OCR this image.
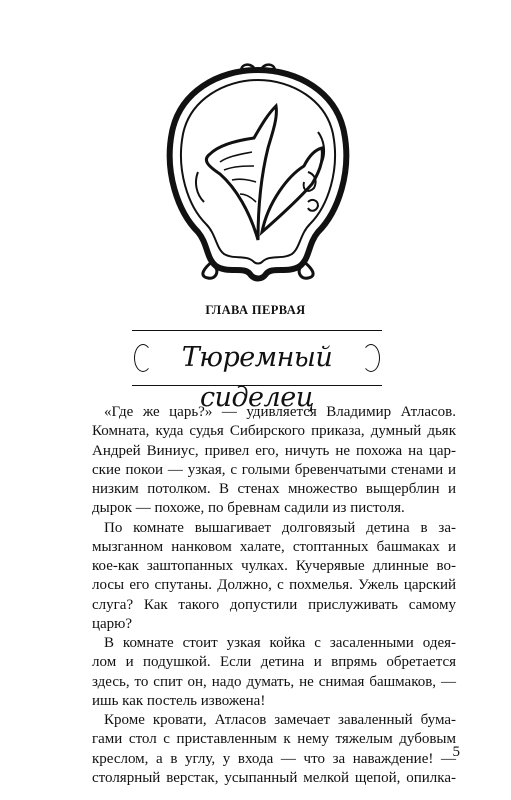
ГЛАВА ПЕРВАЯ
Тюремный сиделец
«Где же царь?» — удивляется Владимир Атласов.
Комната, куда судья Сибирского приказа, думный дьяк
Андрей Виниус, привел его, ничуть не похожа на цар-
ские покои — узкая, с голыми бревенчатыми стенами и
низким потолком. В стенах множество выщерблин и
дырок — похоже, по бревнам садили из пистоля.
По комнате вышагивает долговязый детина в за-
мызганном нанковом халате, стоптанных башмаках и
кое-как заштопанных чулках. Кучерявые длинные во-
лосы его спутаны. Должно, с похмелья. Ужель царский
слуга? Как такого допустили прислуживать самому
царю?
В комнате стоит узкая койка с засаленными одея-
лом и подушкой. Если детина и впрямь обретается
здесь, то спит он, надо думать, не снимая башмаков, —
ишь как постель извожена!
Кроме кровати, Атласов замечает заваленный бума-
гами стол с приставленным к нему тяжелым дубовым
креслом, а в углу, у входа — что за наваждение! —
столярный верстак, усыпанный мелкой щепой, опилка-
5
